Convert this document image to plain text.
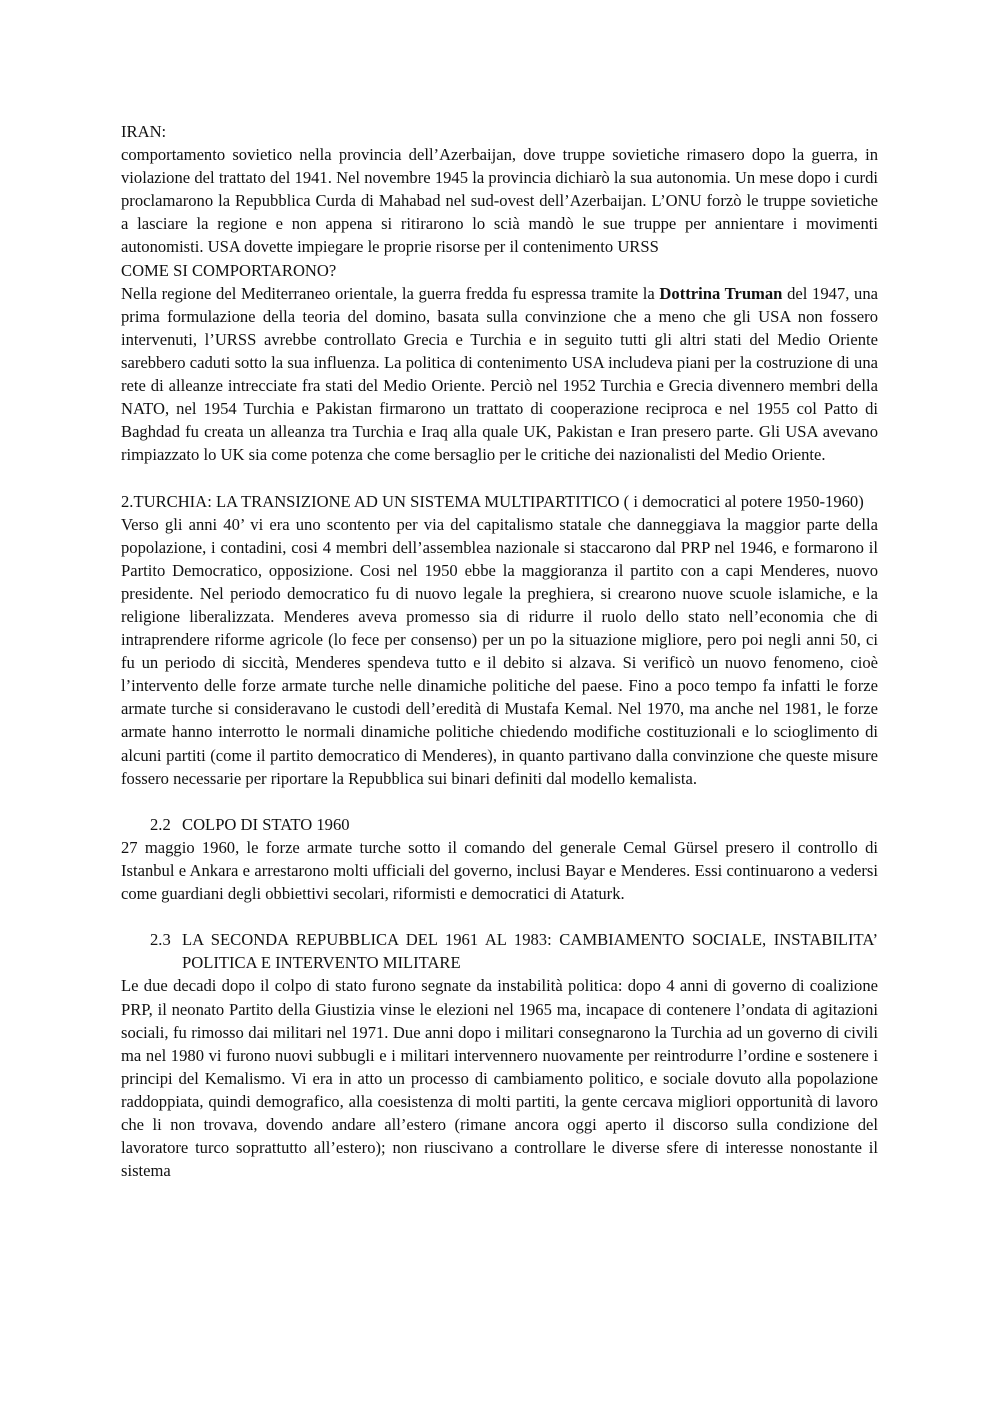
IRAN:

comportamento sovietico nella provincia dell’Azerbaijan, dove truppe sovietiche rimasero dopo la guerra, in violazione del trattato del 1941. Nel novembre 1945 la provincia dichiarò la sua autonomia. Un mese dopo i curdi proclamarono la Repubblica Curda di Mahabad nel sud-ovest dell’Azerbaijan. L’ONU forzò le truppe sovietiche a lasciare la regione e non appena si ritirarono lo scià mandò le sue truppe per annientare i movimenti autonomisti. USA dovette impiegare le proprie risorse per il contenimento URSS

COME SI COMPORTARONO?

Nella regione del Mediterraneo orientale, la guerra fredda fu espressa tramite la Dottrina Truman del 1947, una prima formulazione della teoria del domino, basata sulla convinzione che a meno che gli USA non fossero intervenuti, l’URSS avrebbe controllato Grecia e Turchia e in seguito tutti gli altri stati del Medio Oriente sarebbero caduti sotto la sua influenza. La politica di contenimento USA includeva piani per la costruzione di una rete di alleanze intrecciate fra stati del Medio Oriente. Perciò nel 1952 Turchia e Grecia divennero membri della NATO, nel 1954 Turchia e Pakistan firmarono un trattato di cooperazione reciproca e nel 1955 col Patto di Baghdad fu creata un alleanza tra Turchia e Iraq alla quale UK, Pakistan e Iran presero parte. Gli USA avevano rimpiazzato lo UK sia come potenza che come bersaglio per le critiche dei nazionalisti del Medio Oriente.

2.TURCHIA: LA TRANSIZIONE AD UN SISTEMA MULTIPARTITICO ( i democratici al potere 1950-1960)

Verso gli anni 40’ vi era uno scontento per via del capitalismo statale che danneggiava la maggior parte della popolazione, i contadini, cosi 4 membri dell’assemblea nazionale si staccarono dal PRP nel 1946, e formarono il Partito Democratico, opposizione. Cosi nel 1950 ebbe la maggioranza il partito con a capi Menderes, nuovo presidente. Nel periodo democratico fu di nuovo legale la preghiera, si crearono nuove scuole islamiche, e la religione liberalizzata. Menderes aveva promesso sia di ridurre il ruolo dello stato nell’economia che di intraprendere riforme agricole (lo fece per consenso) per un po la situazione migliore, pero poi negli anni 50, ci fu un periodo di siccità, Menderes spendeva tutto e il debito si alzava. Si verificò un nuovo fenomeno, cioè l’intervento delle forze armate turche nelle dinamiche politiche del paese. Fino a poco tempo fa infatti le forze armate turche si consideravano le custodi dell’eredità di Mustafa Kemal. Nel 1970, ma anche nel 1981, le forze armate hanno interrotto le normali dinamiche politiche chiedendo modifiche costituzionali e lo scioglimento di alcuni partiti (come il partito democratico di Menderes), in quanto partivano dalla convinzione che queste misure fossero necessarie per riportare la Repubblica sui binari definiti dal modello kemalista.

2.2 COLPO DI STATO 1960

27 maggio 1960, le forze armate turche sotto il comando del generale Cemal Gürsel presero il controllo di Istanbul e Ankara e arrestarono molti ufficiali del governo, inclusi Bayar e Menderes. Essi continuarono a vedersi come guardiani degli obbiettivi secolari, riformisti e democratici di Ataturk.

2.3 LA SECONDA REPUBBLICA DEL 1961 AL 1983: CAMBIAMENTO SOCIALE, INSTABILITA’ POLITICA E INTERVENTO MILITARE

Le due decadi dopo il colpo di stato furono segnate da instabilità politica: dopo 4 anni di governo di coalizione PRP, il neonato Partito della Giustizia vinse le elezioni nel 1965 ma, incapace di contenere l’ondata di agitazioni sociali, fu rimosso dai militari nel 1971. Due anni dopo i militari consegnarono la Turchia ad un governo di civili ma nel 1980 vi furono nuovi subbugli e i militari intervennero nuovamente per reintrodurre l’ordine e sostenere i principi del Kemalismo. Vi era in atto un processo di cambiamento politico, e sociale dovuto alla popolazione raddoppiata, quindi demografico, alla coesistenza di molti partiti, la gente cercava migliori opportunità di lavoro che li non trovava, dovendo andare all’estero (rimane ancora oggi aperto il discorso sulla condizione del lavoratore turco soprattutto all’estero); non riuscivano a controllare le diverse sfere di interesse nonostante il sistema
